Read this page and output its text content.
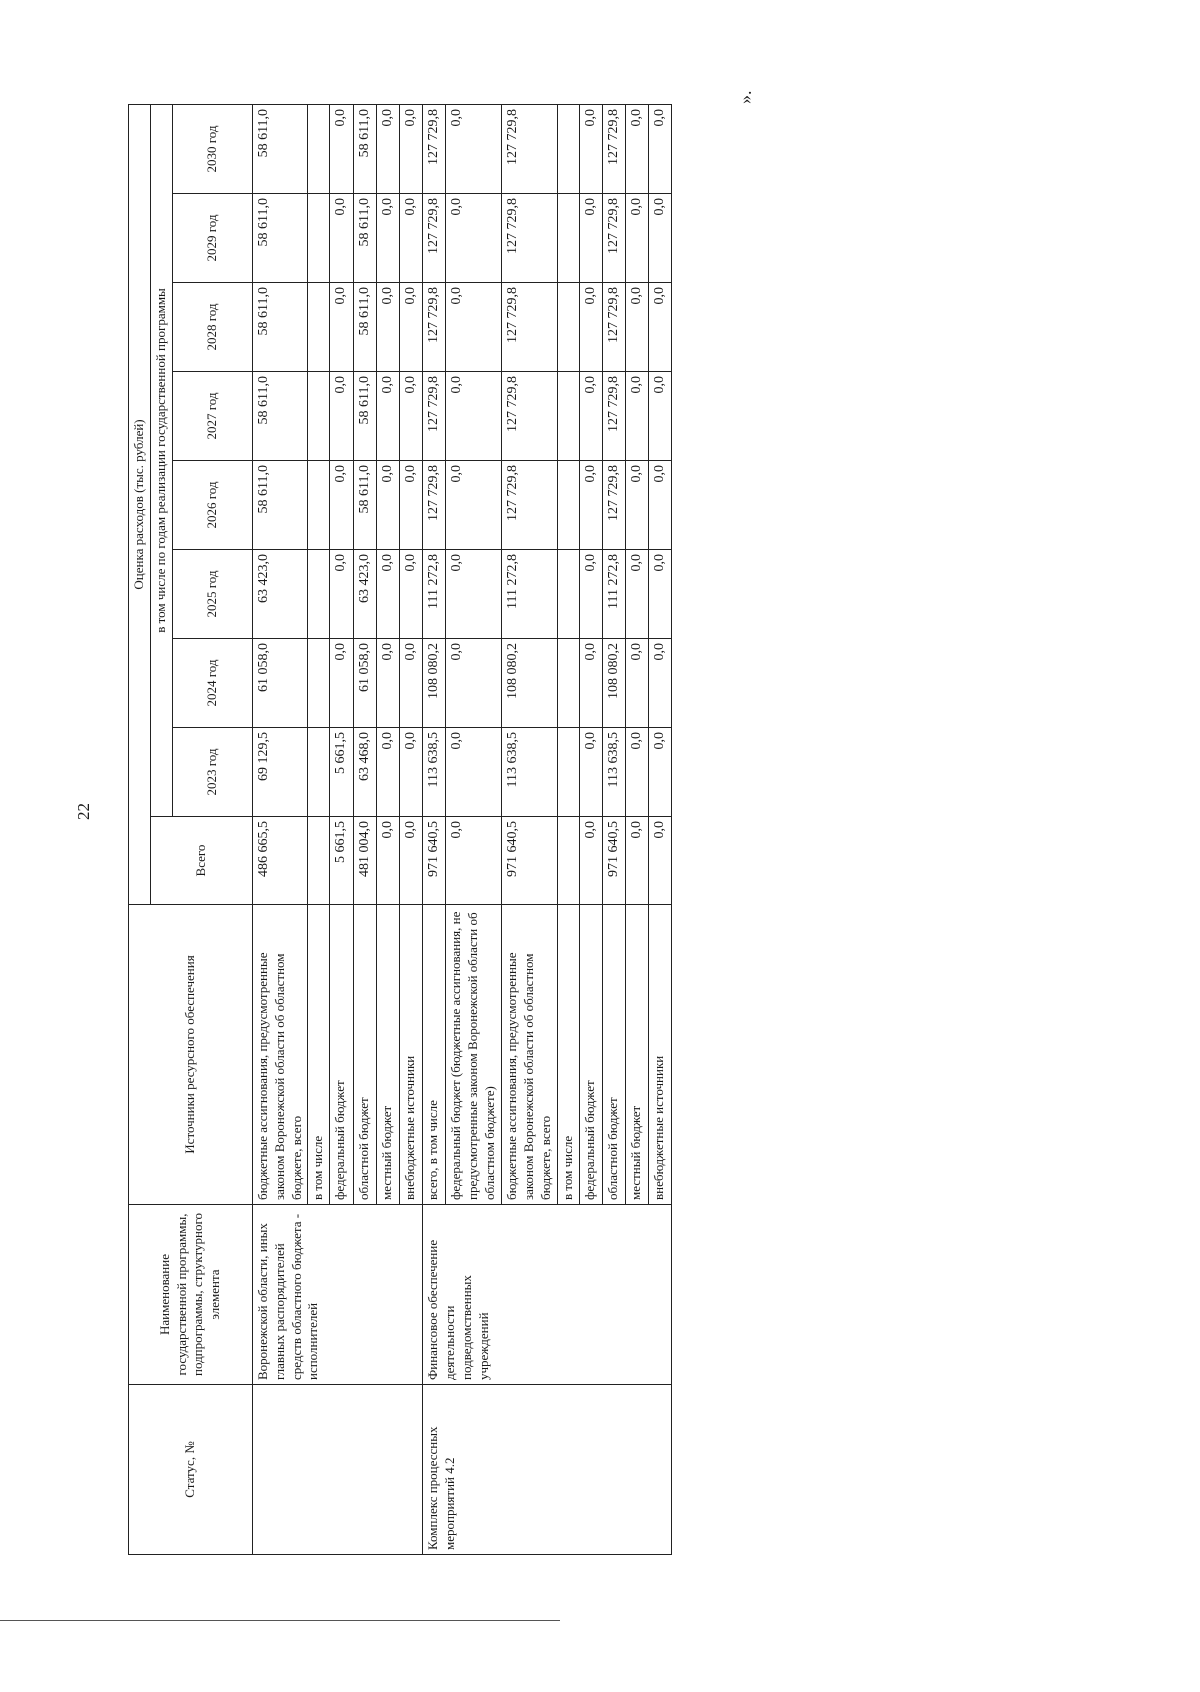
22
».
Статус, №	Наименование государственной программы, подпрограммы, структурного элемента	Источники ресурсного обеспечения	Оценка расходов (тыс. рублей)								
			Всего	в том числе по годам реализации государственной программы							
				2023 год	2024 год	2025 год	2026 год	2027 год	2028 год	2029 год	2030 год
	Воронежской области, иных главных распорядителей средств областного бюджета - исполнителей	бюджетные ассигнования, предусмотренные законом Воронежской области об областном бюджете, всего	486 665,5	69 129,5	61 058,0	63 423,0	58 611,0	58 611,0	58 611,0	58 611,0	58 611,0
		в том числе									
		федеральный бюджет	5 661,5	5 661,5	0,0	0,0	0,0	0,0	0,0	0,0	0,0
		областной бюджет	481 004,0	63 468,0	61 058,0	63 423,0	58 611,0	58 611,0	58 611,0	58 611,0	58 611,0
		местный бюджет	0,0	0,0	0,0	0,0	0,0	0,0	0,0	0,0	0,0
		внебюджетные источники	0,0	0,0	0,0	0,0	0,0	0,0	0,0	0,0	0,0
Комплекс процессных мероприятий 4.2	Финансовое обеспечение деятельности подведомственных учреждений	всего, в том числе	971 640,5	113 638,5	108 080,2	111 272,8	127 729,8	127 729,8	127 729,8	127 729,8	127 729,8
		федеральный бюджет (бюджетные ассигнования, не предусмотренные законом Воронежской области об областном бюджете)	0,0	0,0	0,0	0,0	0,0	0,0	0,0	0,0	0,0
		бюджетные ассигнования, предусмотренные законом Воронежской области об областном бюджете, всего	971 640,5	113 638,5	108 080,2	111 272,8	127 729,8	127 729,8	127 729,8	127 729,8	127 729,8
		в том числе									
		федеральный бюджет	0,0	0,0	0,0	0,0	0,0	0,0	0,0	0,0	0,0
		областной бюджет	971 640,5	113 638,5	108 080,2	111 272,8	127 729,8	127 729,8	127 729,8	127 729,8	127 729,8
		местный бюджет	0,0	0,0	0,0	0,0	0,0	0,0	0,0	0,0	0,0
		внебюджетные источники	0,0	0,0	0,0	0,0	0,0	0,0	0,0	0,0	0,0
